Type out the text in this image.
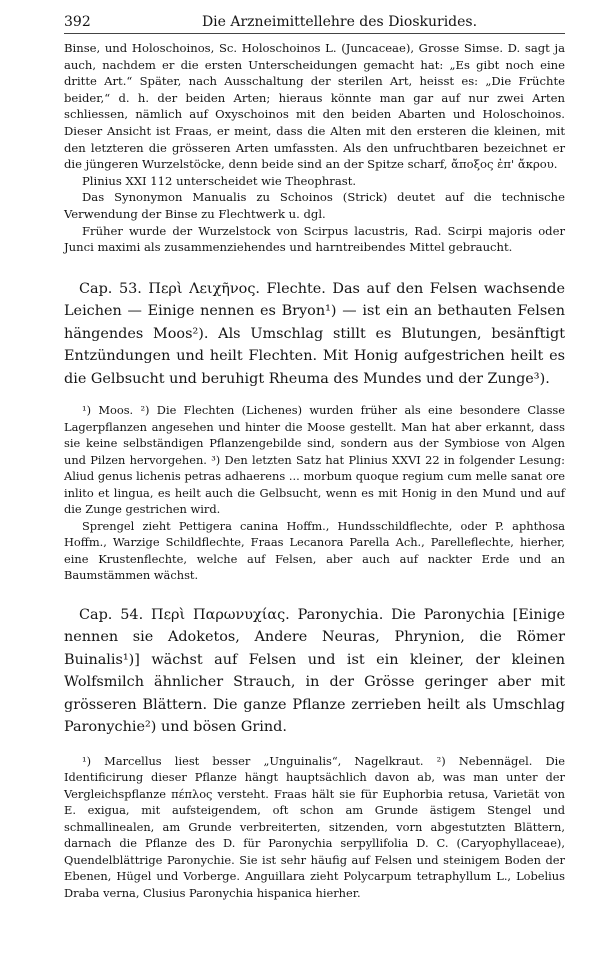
392	Die Arzneimittellehre des Dioskurides.

Binse, und Holoschoinos, Sc. Holoschoinos L. (Juncaceae), Grosse Simse. D. sagt ja auch, nachdem er die ersten Unterscheidungen gemacht hat: „Es gibt noch eine dritte Art.“ Später, nach Ausschaltung der sterilen Art, heisst es: „Die Früchte beider,“ d. h. der beiden Arten; hieraus könnte man gar auf nur zwei Arten schliessen, nämlich auf Oxyschoinos mit den beiden Abarten und Holoschoinos. Dieser Ansicht ist Fraas, er meint, dass die Alten mit den ersteren die kleinen, mit den letzteren die grösseren Arten umfassten. Als den unfruchtbaren bezeichnet er die jüngeren Wurzelstöcke, denn beide sind an der Spitze scharf, ἄποξος ἐπ' ἄκρου.

Plinius XXI 112 unterscheidet wie Theophrast.

Das Synonymon Manualis zu Schoinos (Strick) deutet auf die technische Verwendung der Binse zu Flechtwerk u. dgl.

Früher wurde der Wurzelstock von Scirpus lacustris, Rad. Scirpi majoris oder Junci maximi als zusammenziehendes und harntreibendes Mittel gebraucht.

Cap. 53. Περὶ Λειχῆνος. Flechte. Das auf den Felsen wachsende Leichen — Einige nennen es Bryon¹) — ist ein an bethauten Felsen hängendes Moos²). Als Umschlag stillt es Blutungen, besänftigt Entzündungen und heilt Flechten. Mit Honig aufgestrichen heilt es die Gelbsucht und beruhigt Rheuma des Mundes und der Zunge³).

¹) Moos. ²) Die Flechten (Lichenes) wurden früher als eine besondere Classe Lagerpflanzen angesehen und hinter die Moose gestellt. Man hat aber erkannt, dass sie keine selbständigen Pflanzengebilde sind, sondern aus der Symbiose von Algen und Pilzen hervorgehen. ³) Den letzten Satz hat Plinius XXVI 22 in folgender Lesung: Aliud genus lichenis petras adhaerens ... morbum quoque regium cum melle sanat ore inlito et lingua, es heilt auch die Gelbsucht, wenn es mit Honig in den Mund und auf die Zunge gestrichen wird.

Sprengel zieht Pettigera canina Hoffm., Hundsschildflechte, oder P. aphthosa Hoffm., Warzige Schildflechte, Fraas Lecanora Parella Ach., Parelleflechte, hierher, eine Krustenflechte, welche auf Felsen, aber auch auf nackter Erde und an Baumstämmen wächst.

Cap. 54. Περὶ Παρωνυχίας. Paronychia. Die Paronychia [Einige nennen sie Adoketos, Andere Neuras, Phrynion, die Römer Buinalis¹)] wächst auf Felsen und ist ein kleiner, der kleinen Wolfsmilch ähnlicher Strauch, in der Grösse geringer aber mit grösseren Blättern. Die ganze Pflanze zerrieben heilt als Umschlag Paronychie²) und bösen Grind.

¹) Marcellus liest besser „Unguinalis“, Nagelkraut. ²) Nebennägel. Die Identificirung dieser Pflanze hängt hauptsächlich davon ab, was man unter der Vergleichspflanze πέπλος versteht. Fraas hält sie für Euphorbia retusa, Varietät von E. exigua, mit aufsteigendem, oft schon am Grunde ästigem Stengel und schmallinealen, am Grunde verbreiterten, sitzenden, vorn abgestutzten Blättern, darnach die Pflanze des D. für Paronychia serpyllifolia D. C. (Caryophyllaceae), Quendelblättrige Paronychie. Sie ist sehr häufig auf Felsen und steinigem Boden der Ebenen, Hügel und Vorberge. Anguillara zieht Polycarpum tetraphyllum L., Lobelius Draba verna, Clusius Paronychia hispanica hierher.
